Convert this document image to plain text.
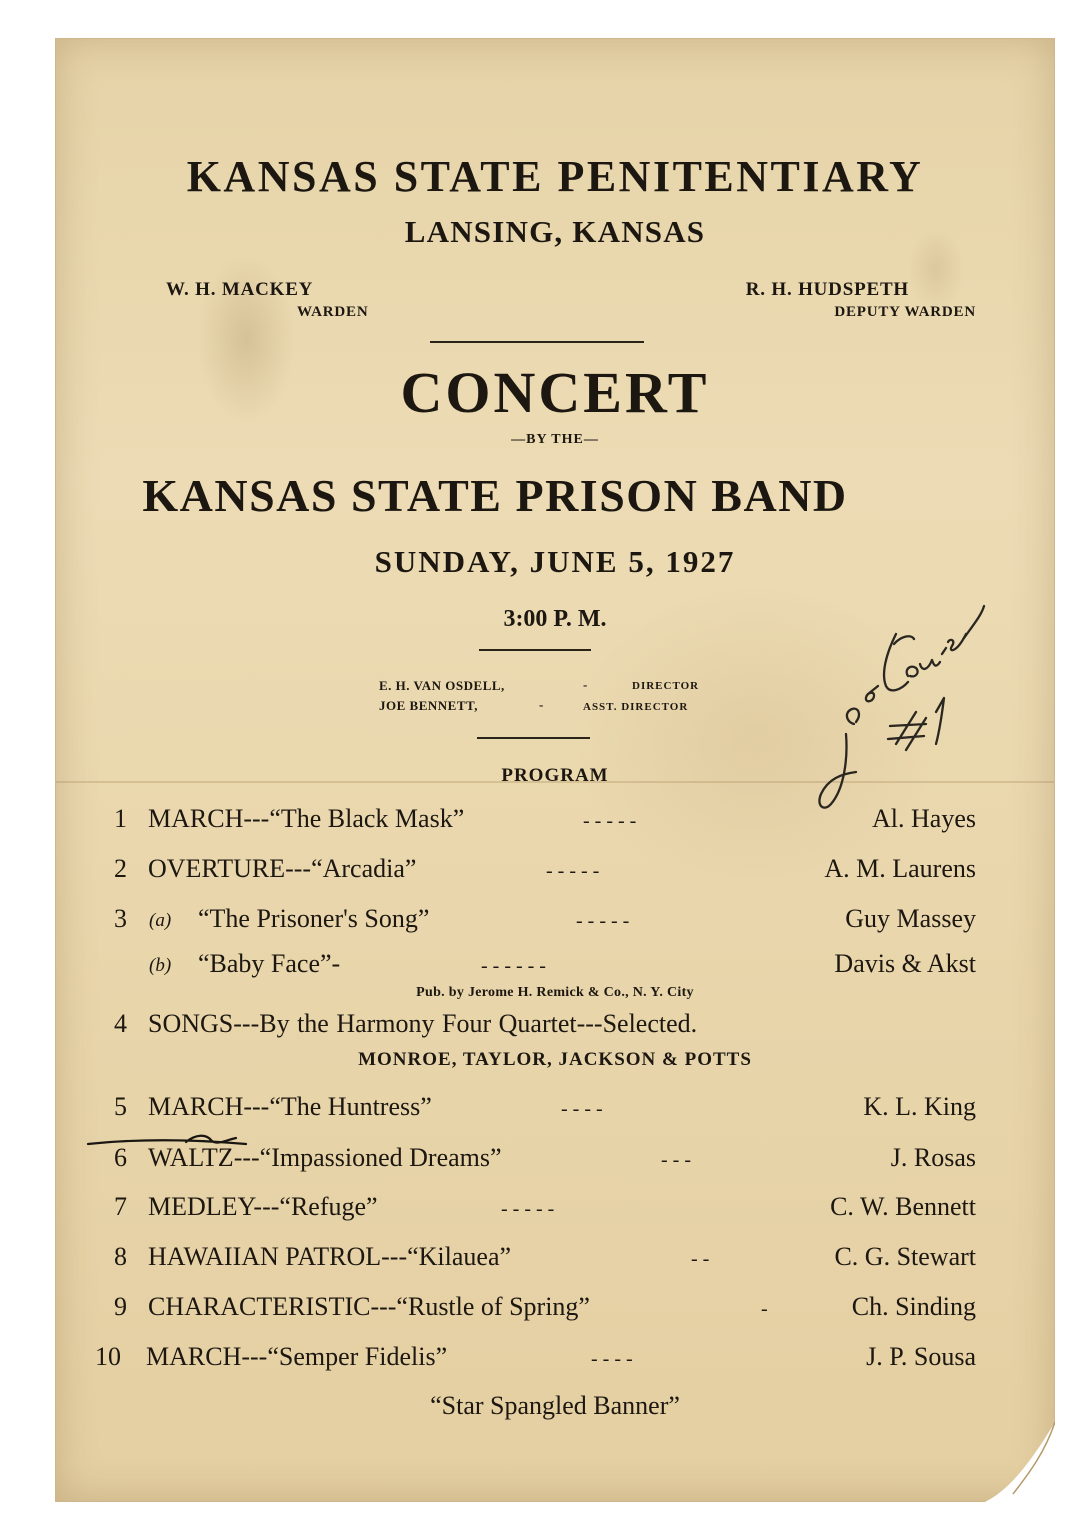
KANSAS STATE PENITENTIARY
LANSING, KANSAS
W. H. MACKEY
WARDEN
R. H. HUDSPETH
DEPUTY WARDEN
CONCERT
—BY THE—
KANSAS STATE PRISON BAND
SUNDAY, JUNE 5, 1927
3:00 P. M.
E. H. VAN OSDELL,	-	DIRECTOR
JOE BENNETT,	-	ASST. DIRECTOR
PROGRAM
1 MARCH---“The Black Mask”	- - - - -	Al. Hayes
2 OVERTURE---“Arcadia”	- - - - -	A. M. Laurens
3 (a) “The Prisoner's Song”	- - - - -	Guy Massey
(b) “Baby Face”-	- - - - - -	Davis & Akst
Pub. by Jerome H. Remick & Co., N. Y. City
4 SONGS---By the Harmony Four Quartet---Selected.
MONROE, TAYLOR, JACKSON & POTTS
5 MARCH---“The Huntress”	- - - -	K. L. King
6 WALTZ---“Impassioned Dreams”	- - -	J. Rosas
7 MEDLEY---“Refuge”	- - - - -	C. W. Bennett
8 HAWAIIAN PATROL---“Kilauea”	- -	C. G. Stewart
9 CHARACTERISTIC---“Rustle of Spring”	-	Ch. Sinding
10 MARCH---“Semper Fidelis”	- - - -	J. P. Sousa
“Star Spangled Banner”
